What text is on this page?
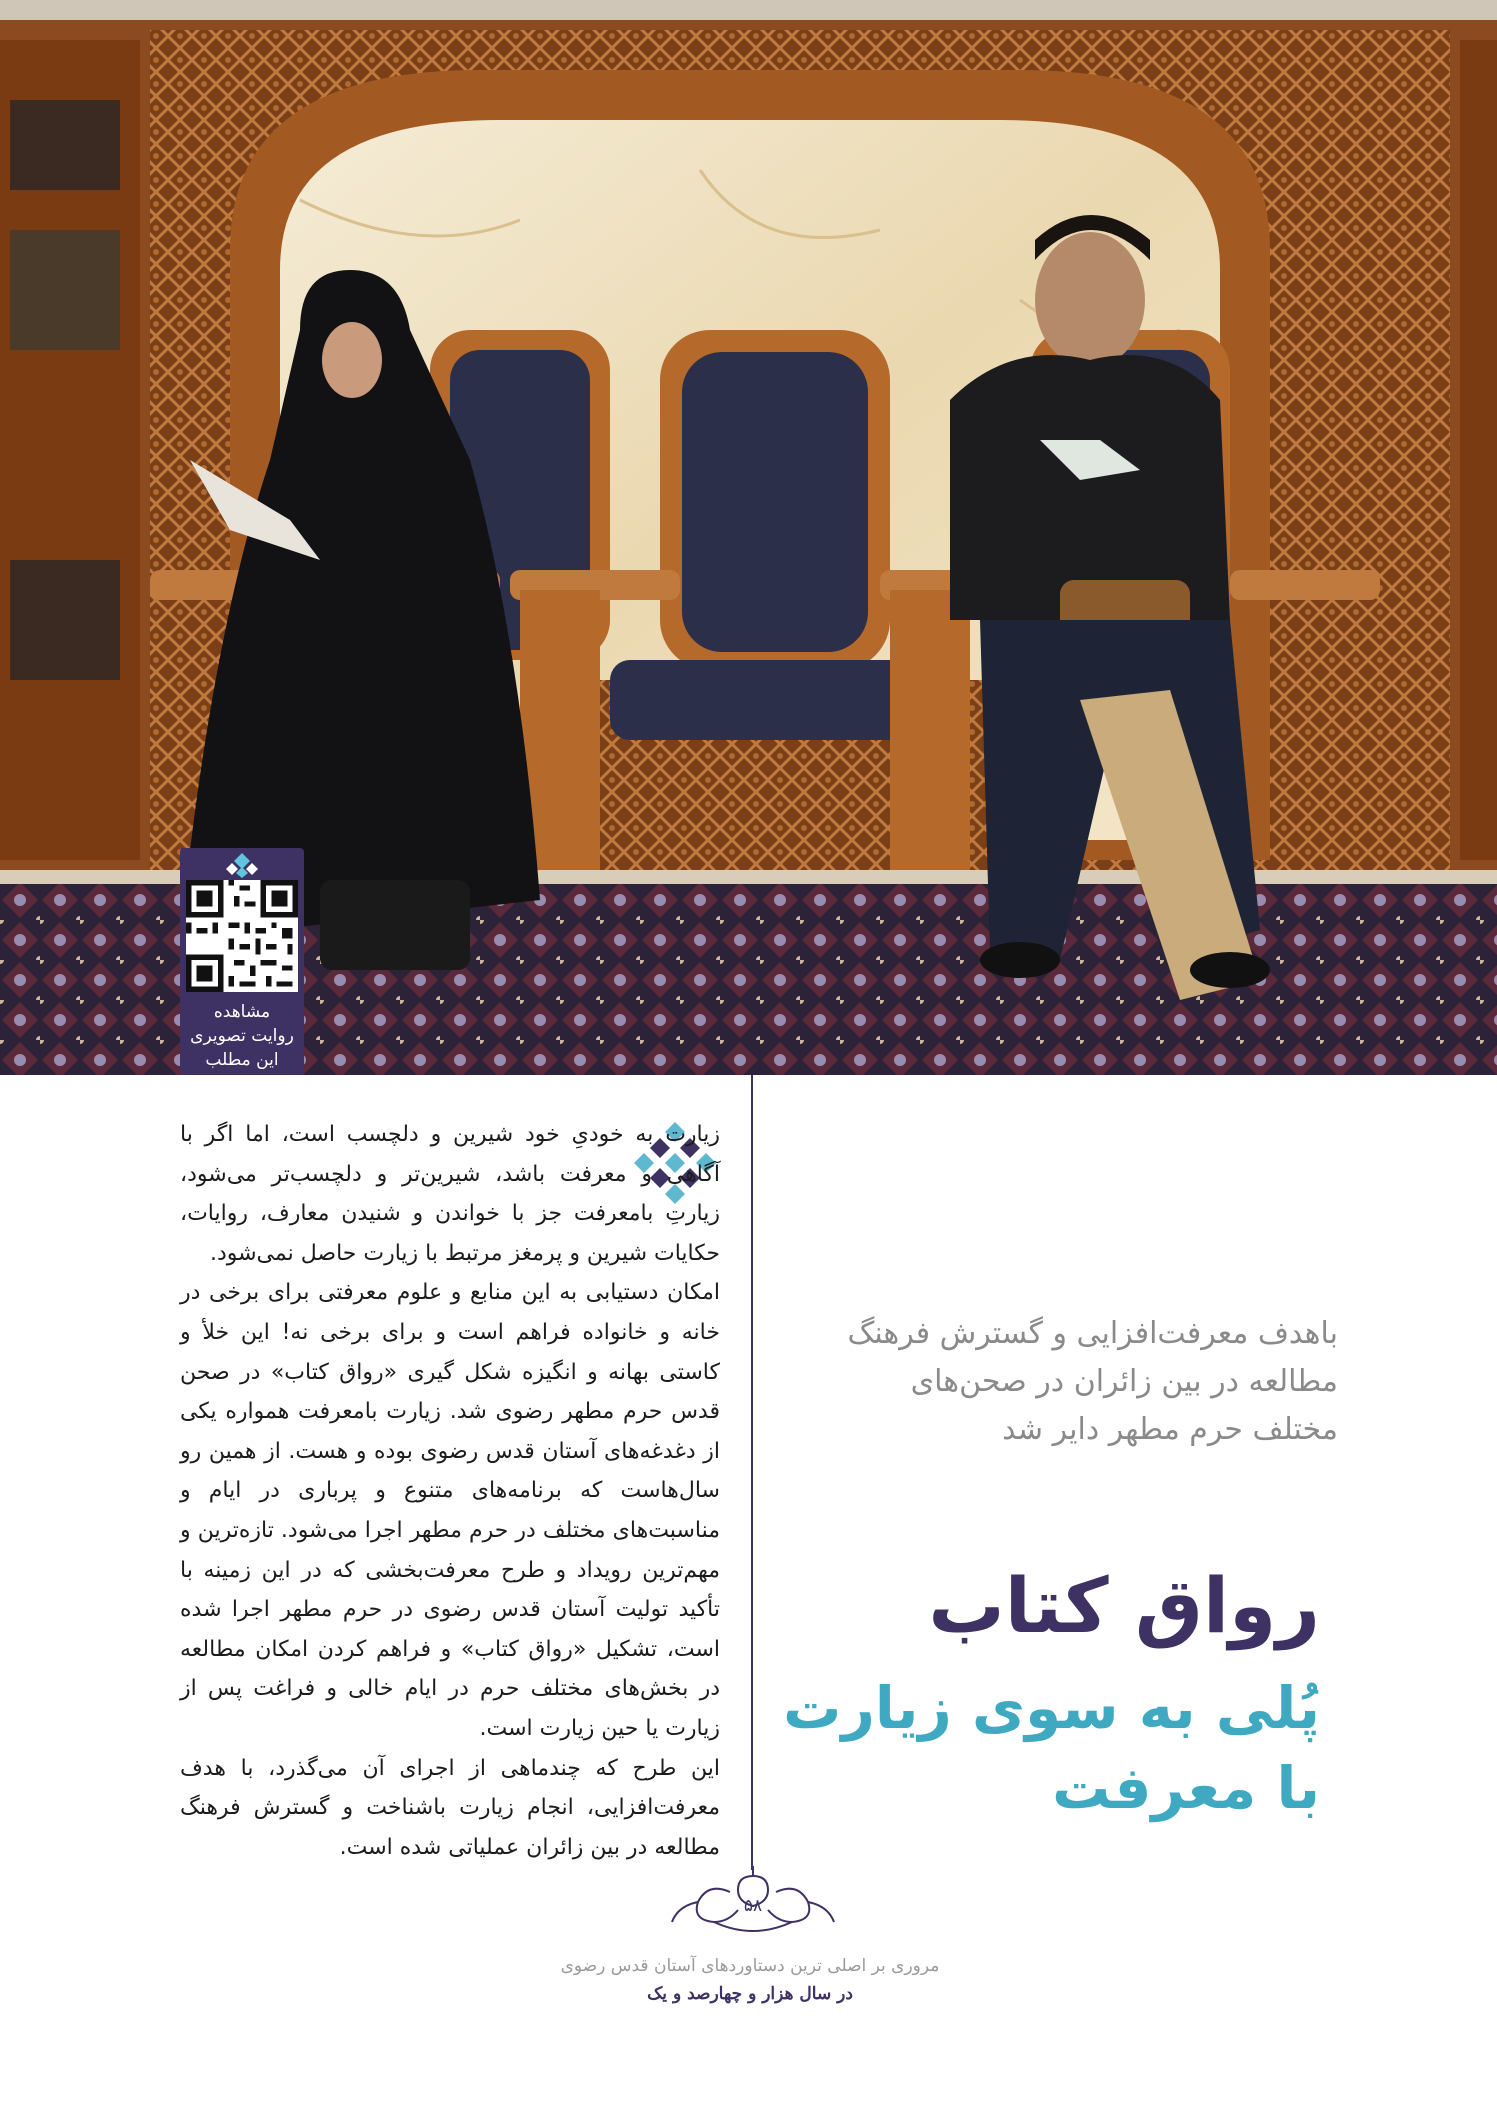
مشاهده
روایت تصویری
این مطلب

زیارت به خودیِ خود شیرین و دلچسب است، اما اگر با آگاهی و معرفت باشد، شیرین‌تر و دلچسب‌تر می‌شود، زیارتِ بامعرفت جز با خواندن و شنیدن معارف، روایات، حکایات شیرین و پرمغز مرتبط با زیارت حاصل نمی‌شود.

امکان دستیابی به این منابع و علوم معرفتی برای برخی در خانه و خانواده فراهم است و برای برخی نه! این خلأ و کاستی بهانه و انگیزه شکل گیری «رواق کتاب» در صحن قدس حرم مطهر رضوی شد. زیارت بامعرفت همواره یکی از دغدغه‌های آستان قدس رضوی بوده و هست. از همین رو سال‌هاست که برنامه‌های متنوع و پرباری در ایام و مناسبت‌های مختلف در حرم مطهر اجرا می‌شود. تازه‌ترین و مهم‌ترین رویداد و طرح معرفت‌بخشی که در این زمینه با تأکید تولیت آستان قدس رضوی در حرم مطهر اجرا شده است، تشکیل «رواق کتاب» و فراهم کردن امکان مطالعه در بخش‌های مختلف حرم در ایام خالی و فراغت پس از زیارت یا حین زیارت است.

این طرح که چندماهی از اجرای آن می‌گذرد، با هدف معرفت‌افزایی، انجام زیارت باشناخت و گسترش فرهنگ مطالعه در بین زائران عملیاتی شده است.

باهدف معرفت‌افزایی و گسترش فرهنگ
مطالعه در بین زائران در صحن‌های
مختلف حرم مطهر دایر شد
رواق کتاب
پُلی به سوی زیارت
با معرفت
۵۸
مروری بر اصلی ترین دستاوردهای آستان قدس رضوی
در سال هزار و چهارصد و یک
